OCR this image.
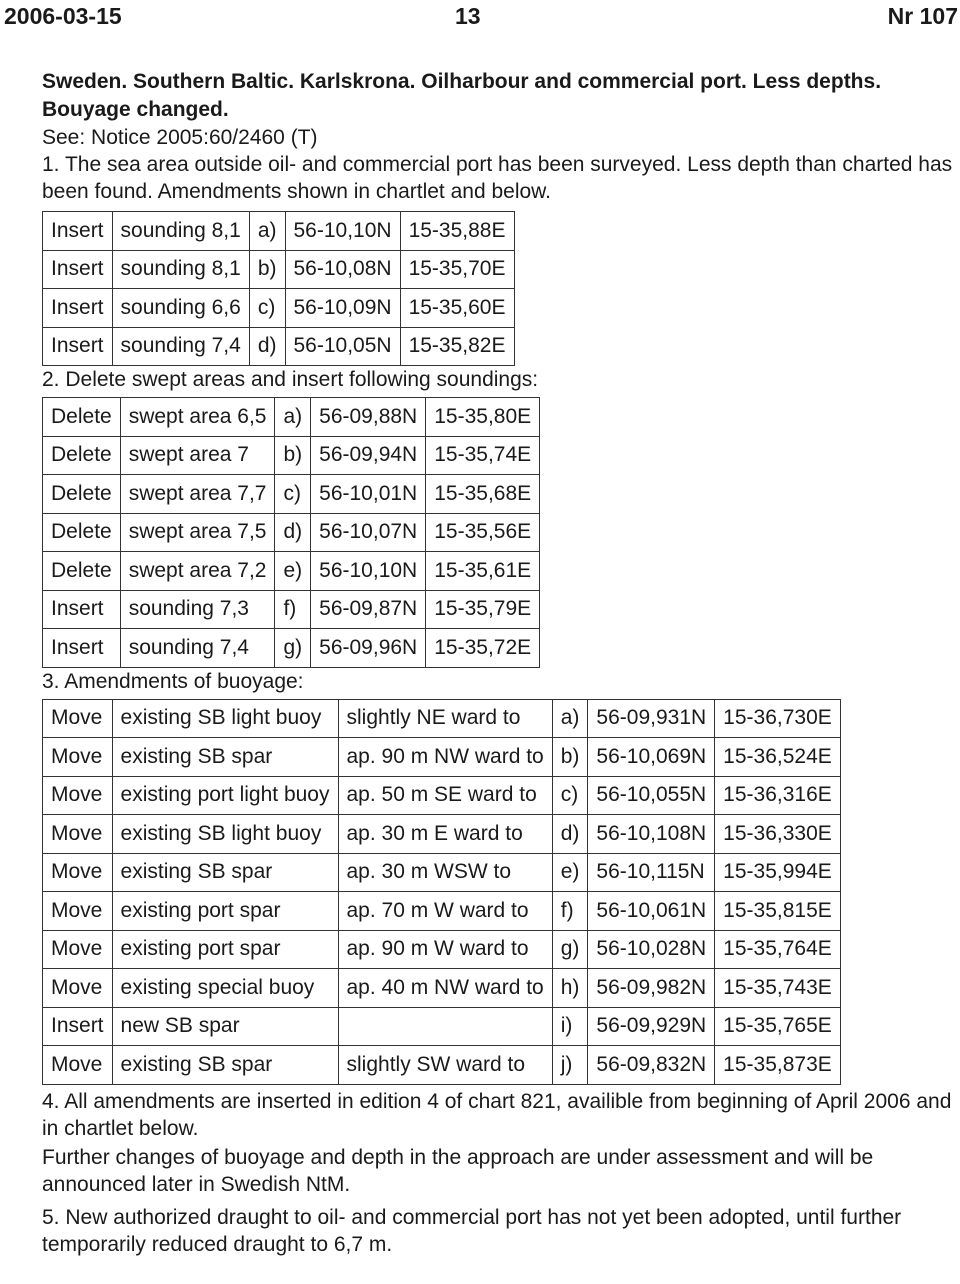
2006-03-15	13	Nr 107
Sweden. Southern Baltic. Karlskrona. Oilharbour and commercial port. Less depths. Bouyage changed.
See: Notice 2005:60/2460 (T)
1. The sea area outside oil- and commercial port has been surveyed. Less depth than charted has been found. Amendments shown in chartlet and below.
Insert	sounding 8,1	a)	56-10,10N	15-35,88E
Insert	sounding 8,1	b)	56-10,08N	15-35,70E
Insert	sounding 6,6	c)	56-10,09N	15-35,60E
Insert	sounding 7,4	d)	56-10,05N	15-35,82E
2. Delete swept areas and insert following soundings:
Delete	swept area 6,5	a)	56-09,88N	15-35,80E
Delete	swept area 7	b)	56-09,94N	15-35,74E
Delete	swept area 7,7	c)	56-10,01N	15-35,68E
Delete	swept area 7,5	d)	56-10,07N	15-35,56E
Delete	swept area 7,2	e)	56-10,10N	15-35,61E
Insert	sounding 7,3	f)	56-09,87N	15-35,79E
Insert	sounding 7,4	g)	56-09,96N	15-35,72E
3. Amendments of buoyage:
Move	existing SB light buoy	slightly NE ward to	a)	56-09,931N	15-36,730E
Move	existing SB spar	ap. 90 m NW ward to	b)	56-10,069N	15-36,524E
Move	existing port light buoy	ap. 50 m SE ward to	c)	56-10,055N	15-36,316E
Move	existing SB light buoy	ap. 30 m E ward to	d)	56-10,108N	15-36,330E
Move	existing SB spar	ap. 30 m WSW to	e)	56-10,115N	15-35,994E
Move	existing port spar	ap. 70 m W ward to	f)	56-10,061N	15-35,815E
Move	existing port spar	ap. 90 m W ward to	g)	56-10,028N	15-35,764E
Move	existing special buoy	ap. 40 m NW ward to	h)	56-09,982N	15-35,743E
Insert	new SB spar		i)	56-09,929N	15-35,765E
Move	existing SB spar	slightly SW ward to	j)	56-09,832N	15-35,873E
4. All amendments are inserted in edition 4 of chart 821, availible from beginning of April 2006 and in chartlet below.
Further changes of buoyage and depth in the approach are under assessment and will be announced later in Swedish NtM.
5. New authorized draught to oil- and commercial port has not yet been adopted, until further temporarily reduced draught to 6,7 m.
